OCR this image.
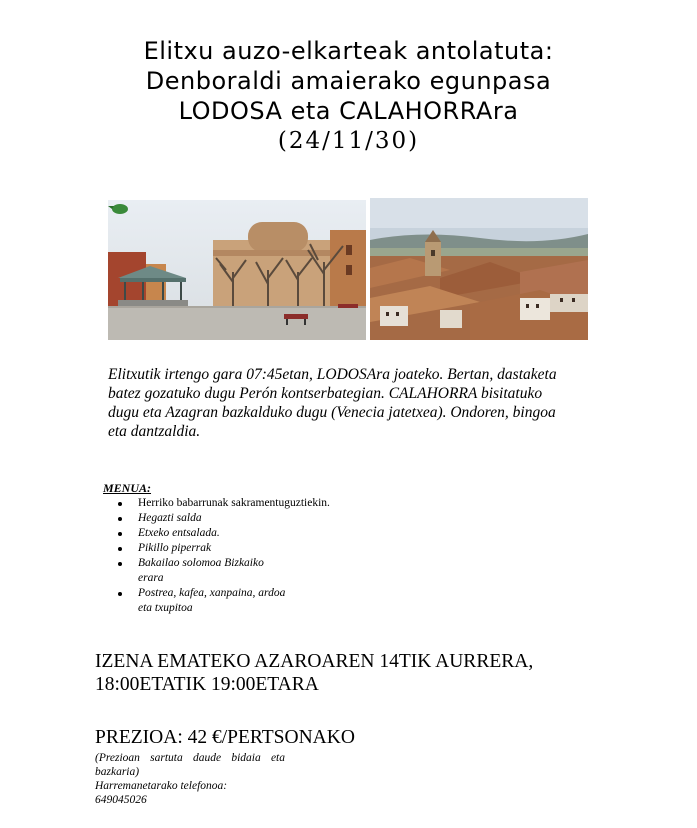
Elitxu auzo-elkarteak antolatuta:
Denboraldi amaierako egunpasa
LODOSA eta CALAHORRAra
(24/11/30)
Elitxutik irtengo gara 07:45etan, LODOSAra joateko. Bertan, dastaketa
batez gozatuko dugu Perón kontserbategian. CALAHORRA bisitatuko
dugu eta Azagran bazkalduko dugu (Venecia jatetxea). Ondoren, bingoa
eta dantzaldia.
MENUA:
Herriko babarrunak sakramentuguztiekin.
Hegazti salda
Etxeko entsalada.
Pikillo piperrak
Bakailao solomoa Bizkaiko erara
Postrea, kafea, xanpaina, ardoa eta txupitoa
IZENA EMATEKO AZAROAREN 14TIK AURRERA,
18:00ETATIK 19:00ETARA
PREZIOA: 42 €/PERTSONAKO
(Prezioan sartuta daude bidaia eta bazkaria)
Harremanetarako telefonoa:
649045026
